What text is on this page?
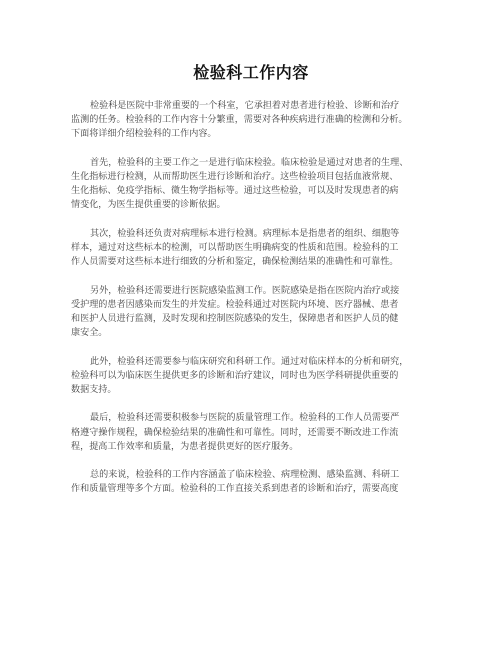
检验科工作内容

检验科是医院中非常重要的一个科室，它承担着对患者进行检验、诊断和治疗
监测的任务。检验科的工作内容十分繁重，需要对各种疾病进行准确的检测和分析。
下面将详细介绍检验科的工作内容。

首先，检验科的主要工作之一是进行临床检验。临床检验是通过对患者的生理、
生化指标进行检测，从而帮助医生进行诊断和治疗。这些检验项目包括血液常规、
生化指标、免疫学指标、微生物学指标等。通过这些检验，可以及时发现患者的病
情变化，为医生提供重要的诊断依据。

其次，检验科还负责对病理标本进行检测。病理标本是指患者的组织、细胞等
样本，通过对这些标本的检测，可以帮助医生明确病变的性质和范围。检验科的工
作人员需要对这些标本进行细致的分析和鉴定，确保检测结果的准确性和可靠性。

另外，检验科还需要进行医院感染监测工作。医院感染是指在医院内治疗或接
受护理的患者因感染而发生的并发症。检验科通过对医院内环境、医疗器械、患者
和医护人员进行监测，及时发现和控制医院感染的发生，保障患者和医护人员的健
康安全。

此外，检验科还需要参与临床研究和科研工作。通过对临床样本的分析和研究，
检验科可以为临床医生提供更多的诊断和治疗建议，同时也为医学科研提供重要的
数据支持。

最后，检验科还需要积极参与医院的质量管理工作。检验科的工作人员需要严
格遵守操作规程，确保检验结果的准确性和可靠性。同时，还需要不断改进工作流
程，提高工作效率和质量，为患者提供更好的医疗服务。

总的来说，检验科的工作内容涵盖了临床检验、病理检测、感染监测、科研工
作和质量管理等多个方面。检验科的工作直接关系到患者的诊断和治疗，需要高度
